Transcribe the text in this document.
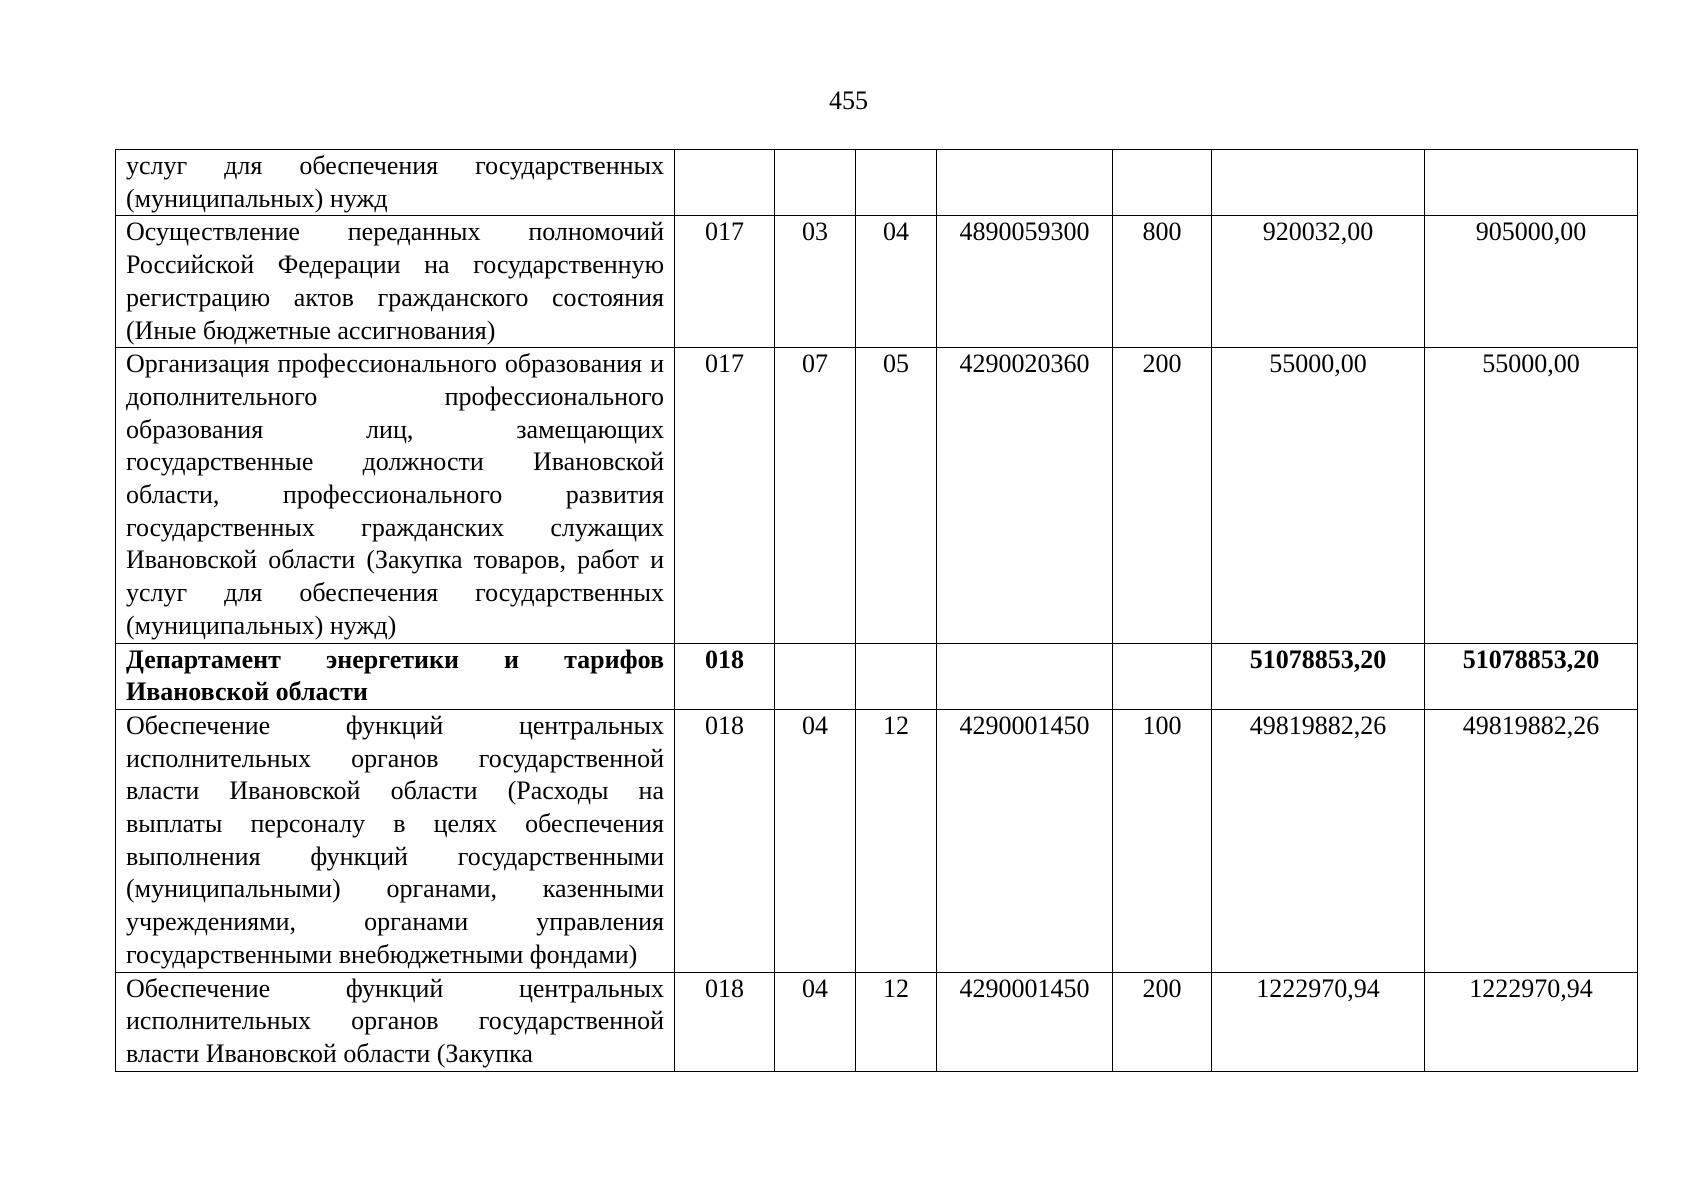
455
услуг для обеспечения государственных (муниципальных) нужд							
Осуществление переданных полномочий Российской Федерации на государственную регистрацию актов гражданского состояния (Иные бюджетные ассигнования)	017	03	04	4890059300	800	920032,00	905000,00
Организация профессионального образования и дополнительного профессионального образования лиц, замещающих государственные должности Ивановской области, профессионального развития государственных гражданских служащих Ивановской области (Закупка товаров, работ и услуг для обеспечения государственных (муниципальных) нужд)	017	07	05	4290020360	200	55000,00	55000,00
Департамент энергетики и тарифов Ивановской области	018					51078853,20	51078853,20
Обеспечение функций центральных исполнительных органов государственной власти Ивановской области (Расходы на выплаты персоналу в целях обеспечения выполнения функций государственными (муниципальными) органами, казенными учреждениями, органами управления государственными внебюджетными фондами)	018	04	12	4290001450	100	49819882,26	49819882,26
Обеспечение функций центральных исполнительных органов государственной власти Ивановской области (Закупка	018	04	12	4290001450	200	1222970,94	1222970,94
